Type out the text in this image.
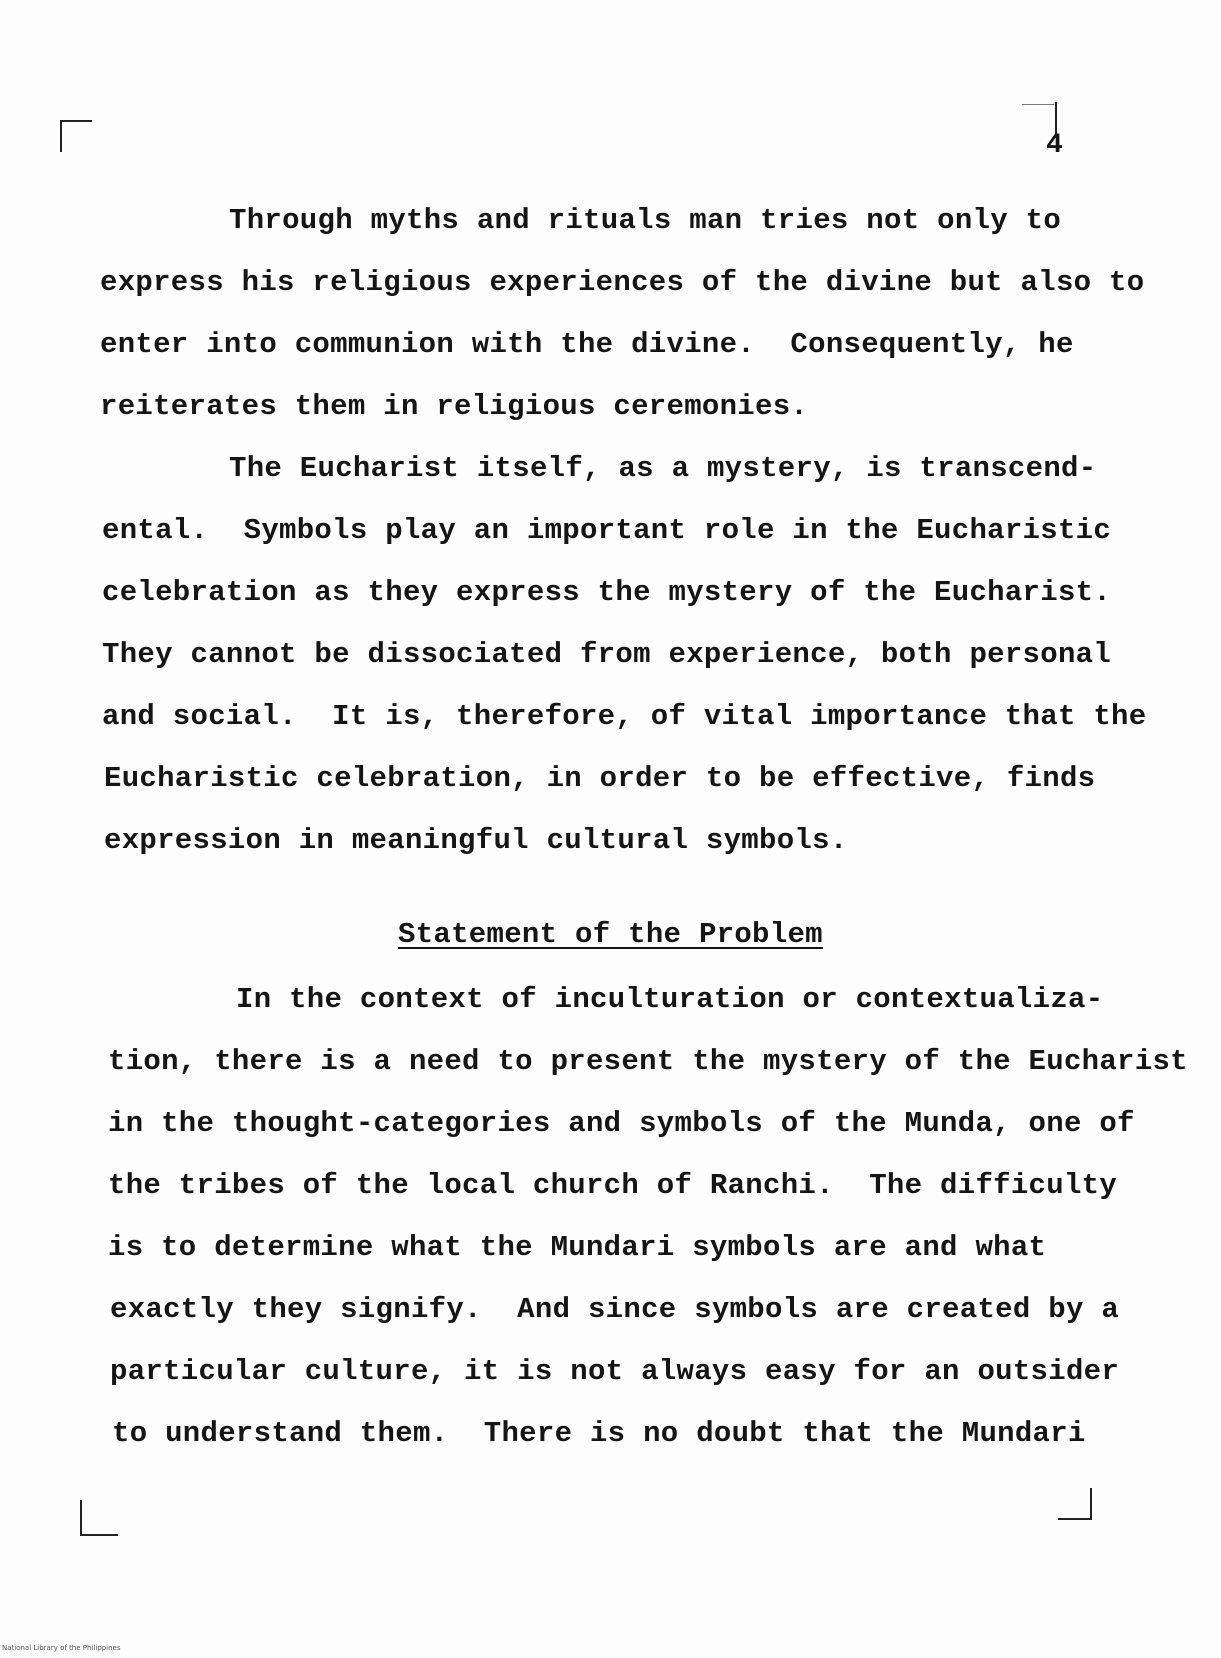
4
Through myths and rituals man tries not only to
express his religious experiences of the divine but also to
enter into communion with the divine.  Consequently, he
reiterates them in religious ceremonies.
The Eucharist itself, as a mystery, is transcend-
ental.  Symbols play an important role in the Eucharistic
celebration as they express the mystery of the Eucharist.
They cannot be dissociated from experience, both personal
and social.  It is, therefore, of vital importance that the
Eucharistic celebration, in order to be effective, finds
expression in meaningful cultural symbols.
Statement of the Problem
In the context of inculturation or contextualiza-
tion, there is a need to present the mystery of the Eucharist
in the thought-categories and symbols of the Munda, one of
the tribes of the local church of Ranchi.  The difficulty
is to determine what the Mundari symbols are and what
exactly they signify.  And since symbols are created by a
particular culture, it is not always easy for an outsider
to understand them.  There is no doubt that the Mundari
National Library of the Philippines
